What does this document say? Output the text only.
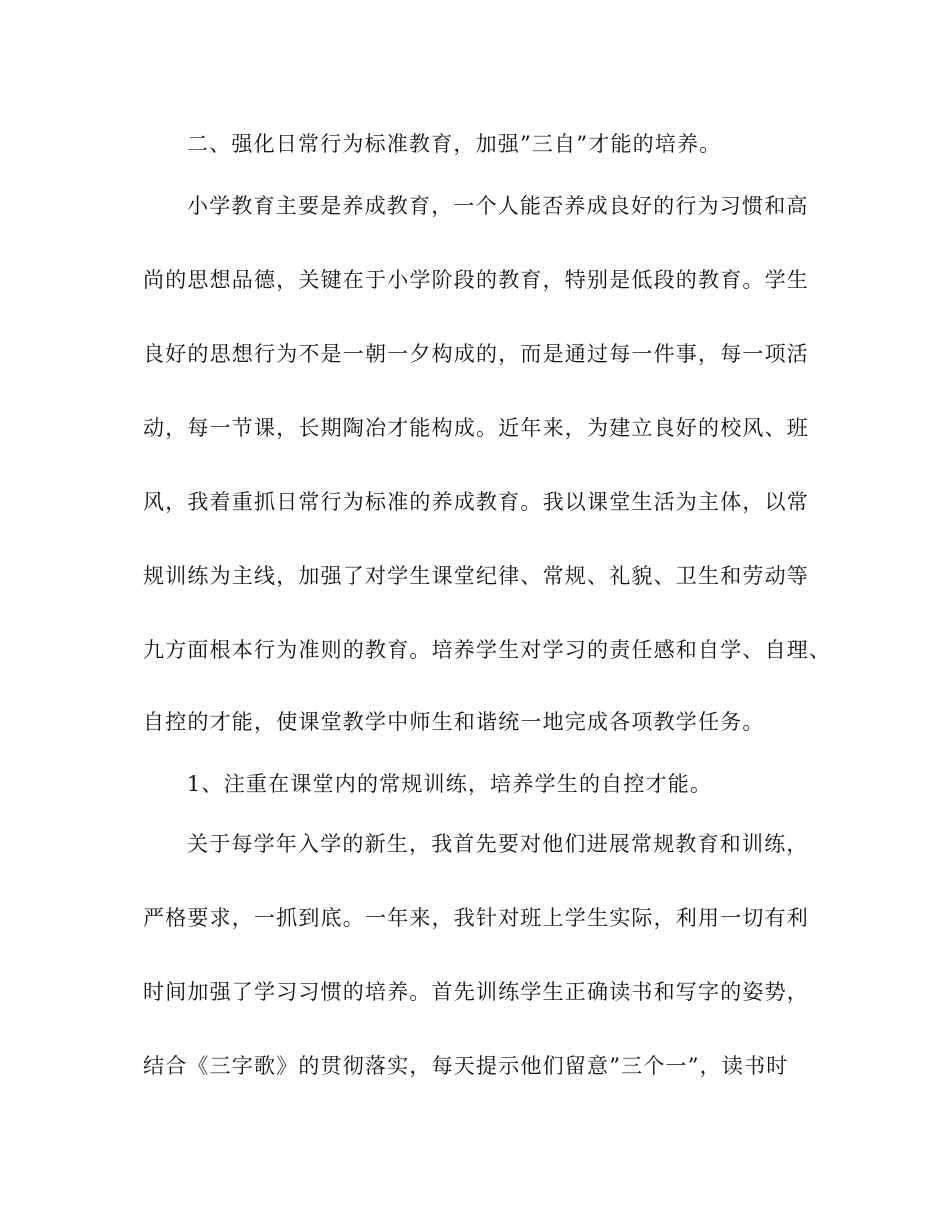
二、强化日常行为标准教育，加强”三自”才能的培养。

小学教育主要是养成教育，一个人能否养成良好的行为习惯和高

尚的思想品德，关键在于小学阶段的教育，特别是低段的教育。学生

良好的思想行为不是一朝一夕构成的，而是通过每一件事，每一项活

动，每一节课，长期陶冶才能构成。近年来，为建立良好的校风、班

风，我着重抓日常行为标准的养成教育。我以课堂生活为主体，以常

规训练为主线，加强了对学生课堂纪律、常规、礼貌、卫生和劳动等

九方面根本行为准则的教育。培养学生对学习的责任感和自学、自理、

自控的才能，使课堂教学中师生和谐统一地完成各项教学任务。

1、注重在课堂内的常规训练，培养学生的自控才能。

关于每学年入学的新生，我首先要对他们进展常规教育和训练，

严格要求，一抓到底。一年来，我针对班上学生实际，利用一切有利

时间加强了学习习惯的培养。首先训练学生正确读书和写字的姿势，

结合《三字歌》的贯彻落实，每天提示他们留意”三个一”，读书时
